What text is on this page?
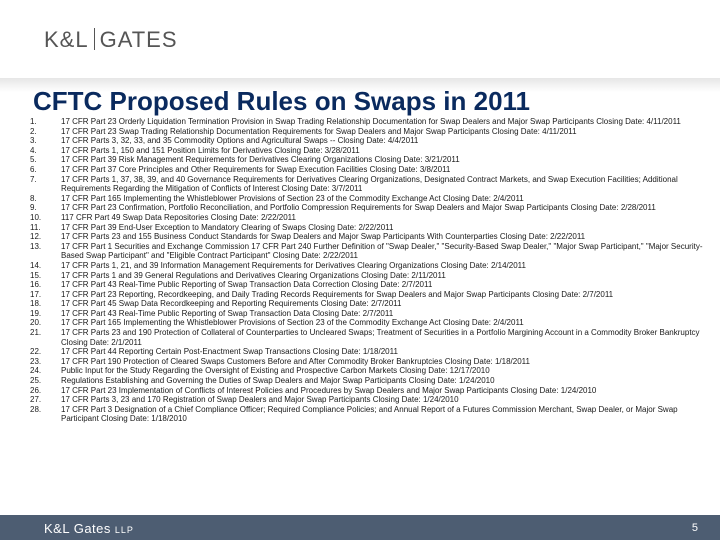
K&L GATES
CFTC Proposed Rules on Swaps in 2011
1.	17 CFR Part 23 Orderly Liquidation Termination Provision in Swap Trading Relationship Documentation for Swap Dealers and Major Swap Participants Closing Date: 4/11/2011
2.	17 CFR Part 23 Swap Trading Relationship Documentation Requirements for Swap Dealers and Major Swap Participants Closing Date: 4/11/2011
3.	17 CFR Parts 3, 32, 33, and 35 Commodity Options and Agricultural Swaps -- Closing Date: 4/4/2011
4.	17 CFR Parts 1, 150 and 151 Position Limits for Derivatives Closing Date: 3/28/2011
5.	17 CFR Part 39 Risk Management Requirements for Derivatives Clearing Organizations Closing Date: 3/21/2011
6.	17 CFR Part 37 Core Principles and Other Requirements for Swap Execution Facilities Closing Date: 3/8/2011
7.	17 CFR Parts 1, 37, 38, 39, and 40 Governance Requirements for Derivatives Clearing Organizations, Designated Contract Markets, and Swap Execution Facilities; Additional Requirements Regarding the Mitigation of Conflicts of Interest Closing Date: 3/7/2011
8.	17 CFR Part 165 Implementing the Whistleblower Provisions of Section 23 of the Commodity Exchange Act Closing Date: 2/4/2011
9.	17 CFR Part 23 Confirmation, Portfolio Reconciliation, and Portfolio Compression Requirements for Swap Dealers and Major Swap Participants Closing Date: 2/28/2011
10.	117 CFR Part 49 Swap Data Repositories Closing Date: 2/22/2011
11.	17 CFR Part 39 End-User Exception to Mandatory Clearing of Swaps Closing Date: 2/22/2011
12.	17 CFR Parts 23 and 155 Business Conduct Standards for Swap Dealers and Major Swap Participants With Counterparties Closing Date: 2/22/2011
13.	17 CFR Part 1 Securities and Exchange Commission 17 CFR Part 240 Further Definition of "Swap Dealer," "Security-Based Swap Dealer," "Major Swap Participant," "Major Security-Based Swap Participant" and "Eligible Contract Participant" Closing Date: 2/22/2011
14.	17 CFR Parts 1, 21, and 39 Information Management Requirements for Derivatives Clearing Organizations Closing Date: 2/14/2011
15.	17 CFR Parts 1 and 39 General Regulations and Derivatives Clearing Organizations Closing Date: 2/11/2011
16.	17 CFR Part 43 Real-Time Public Reporting of Swap Transaction Data Correction Closing Date: 2/7/2011
17.	17 CFR Part 23 Reporting, Recordkeeping, and Daily Trading Records Requirements for Swap Dealers and Major Swap Participants Closing Date: 2/7/2011
18.	17 CFR Part 45 Swap Data Recordkeeping and Reporting Requirements Closing Date: 2/7/2011
19.	17 CFR Part 43 Real-Time Public Reporting of Swap Transaction Data Closing Date: 2/7/2011
20.	17 CFR Part 165 Implementing the Whistleblower Provisions of Section 23 of the Commodity Exchange Act Closing Date: 2/4/2011
21.	17 CFR Parts 23 and 190 Protection of Collateral of Counterparties to Uncleared Swaps; Treatment of Securities in a Portfolio Margining Account in a Commodity Broker Bankruptcy Closing Date: 2/1/2011
22.	17 CFR Part 44 Reporting Certain Post-Enactment Swap Transactions Closing Date: 1/18/2011
23.	17 CFR Part 190 Protection of Cleared Swaps Customers Before and After Commodity Broker Bankruptcies Closing Date: 1/18/2011
24.	Public Input for the Study Regarding the Oversight of Existing and Prospective Carbon Markets Closing Date: 12/17/2010
25.	Regulations Establishing and Governing the Duties of Swap Dealers and Major Swap Participants Closing Date: 1/24/2010
26.	17 CFR Part 23 Implementation of Conflicts of Interest Policies and Procedures by Swap Dealers and Major Swap Participants Closing Date: 1/24/2010
27.	17 CFR Parts 3, 23 and 170 Registration of Swap Dealers and Major Swap Participants Closing Date: 1/24/2010
28.	17 CFR Part 3 Designation of a Chief Compliance Officer; Required Compliance Policies; and Annual Report of a Futures Commission Merchant, Swap Dealer, or Major Swap Participant Closing Date: 1/18/2010
K&L Gates LLP	5
